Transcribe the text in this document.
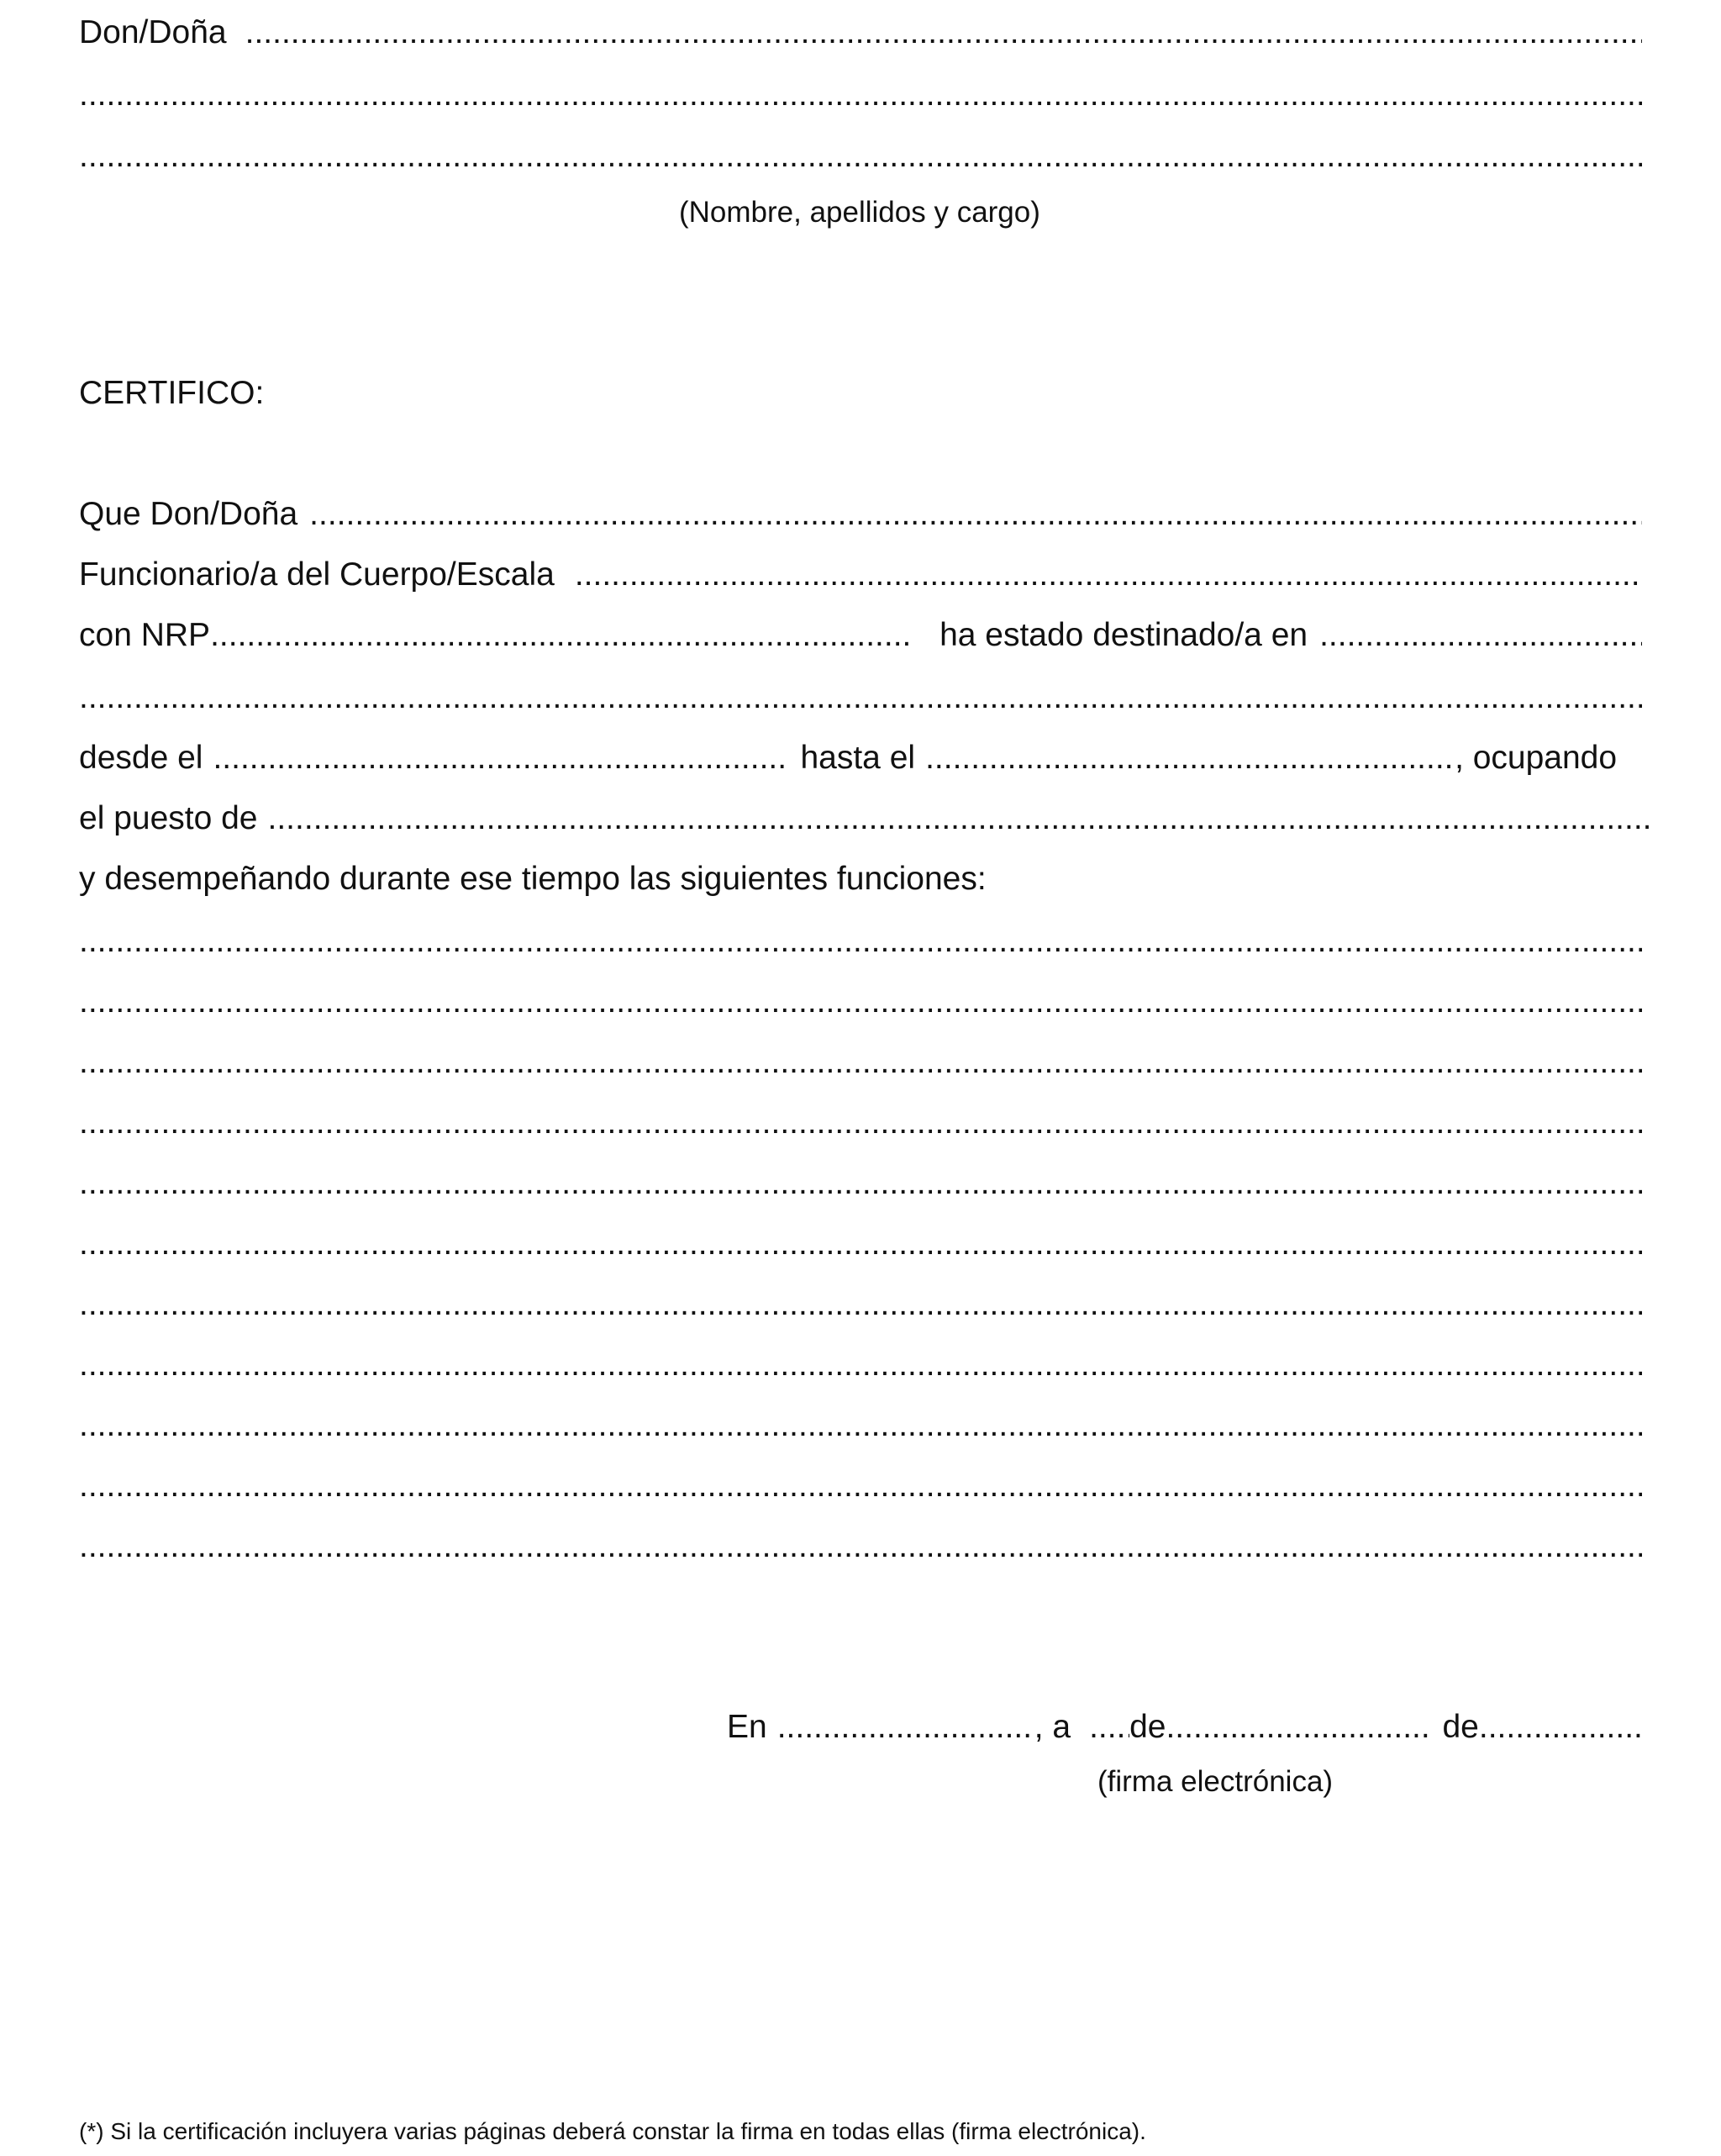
Don/Doña
.....
.....
.....
(Nombre, apellidos y cargo)
CERTIFICO:
Que Don/Doña
.....
Funcionario/a del Cuerpo/Escala
.....
con NRP .....	ha estado destinado/a en
.....
.....
desde el .....	hasta el .....	, ocupando
el puesto de
.....
y desempeñando durante ese tiempo las siguientes funciones:
.....
.....
.....
.....
.....
.....
.....
.....
.....
.....
.....
En .....	, a ..... de .....	de
.....
(firma electrónica)
(*) Si la certificación incluyera varias páginas deberá constar la firma en todas ellas (firma electrónica).
